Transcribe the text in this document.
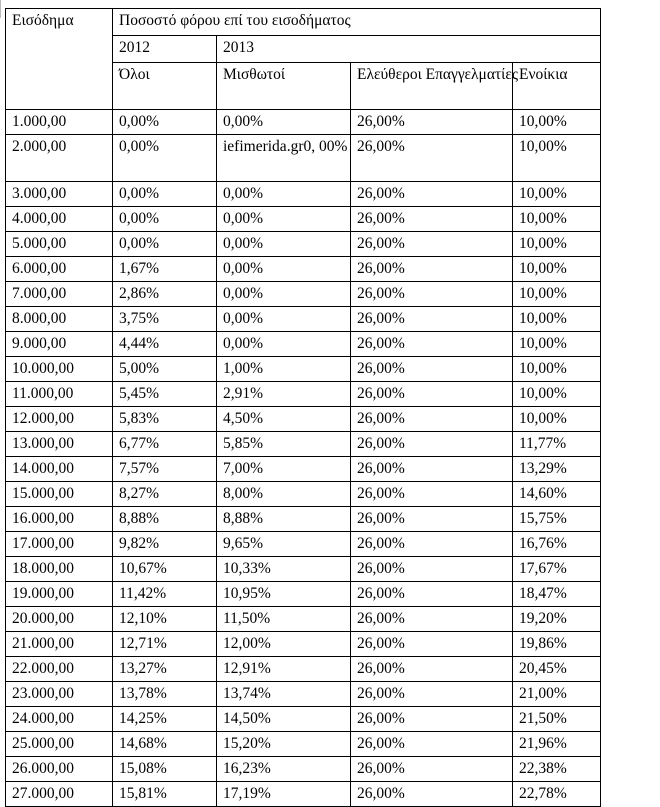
Εισόδημα	Ποσοστό φόρου επί του εισοδήματος			
	2012	2013		
	Όλοι	Μισθωτοί	Ελεύθεροι Επαγγελματίες	Ενοίκια
1.000,00	0,00%	0,00%	26,00%	10,00%
2.000,00	0,00%	iefimerida.gr0, 00%	26,00%	10,00%
3.000,00	0,00%	0,00%	26,00%	10,00%
4.000,00	0,00%	0,00%	26,00%	10,00%
5.000,00	0,00%	0,00%	26,00%	10,00%
6.000,00	1,67%	0,00%	26,00%	10,00%
7.000,00	2,86%	0,00%	26,00%	10,00%
8.000,00	3,75%	0,00%	26,00%	10,00%
9.000,00	4,44%	0,00%	26,00%	10,00%
10.000,00	5,00%	1,00%	26,00%	10,00%
11.000,00	5,45%	2,91%	26,00%	10,00%
12.000,00	5,83%	4,50%	26,00%	10,00%
13.000,00	6,77%	5,85%	26,00%	11,77%
14.000,00	7,57%	7,00%	26,00%	13,29%
15.000,00	8,27%	8,00%	26,00%	14,60%
16.000,00	8,88%	8,88%	26,00%	15,75%
17.000,00	9,82%	9,65%	26,00%	16,76%
18.000,00	10,67%	10,33%	26,00%	17,67%
19.000,00	11,42%	10,95%	26,00%	18,47%
20.000,00	12,10%	11,50%	26,00%	19,20%
21.000,00	12,71%	12,00%	26,00%	19,86%
22.000,00	13,27%	12,91%	26,00%	20,45%
23.000,00	13,78%	13,74%	26,00%	21,00%
24.000,00	14,25%	14,50%	26,00%	21,50%
25.000,00	14,68%	15,20%	26,00%	21,96%
26.000,00	15,08%	16,23%	26,00%	22,38%
27.000,00	15,81%	17,19%	26,00%	22,78%
